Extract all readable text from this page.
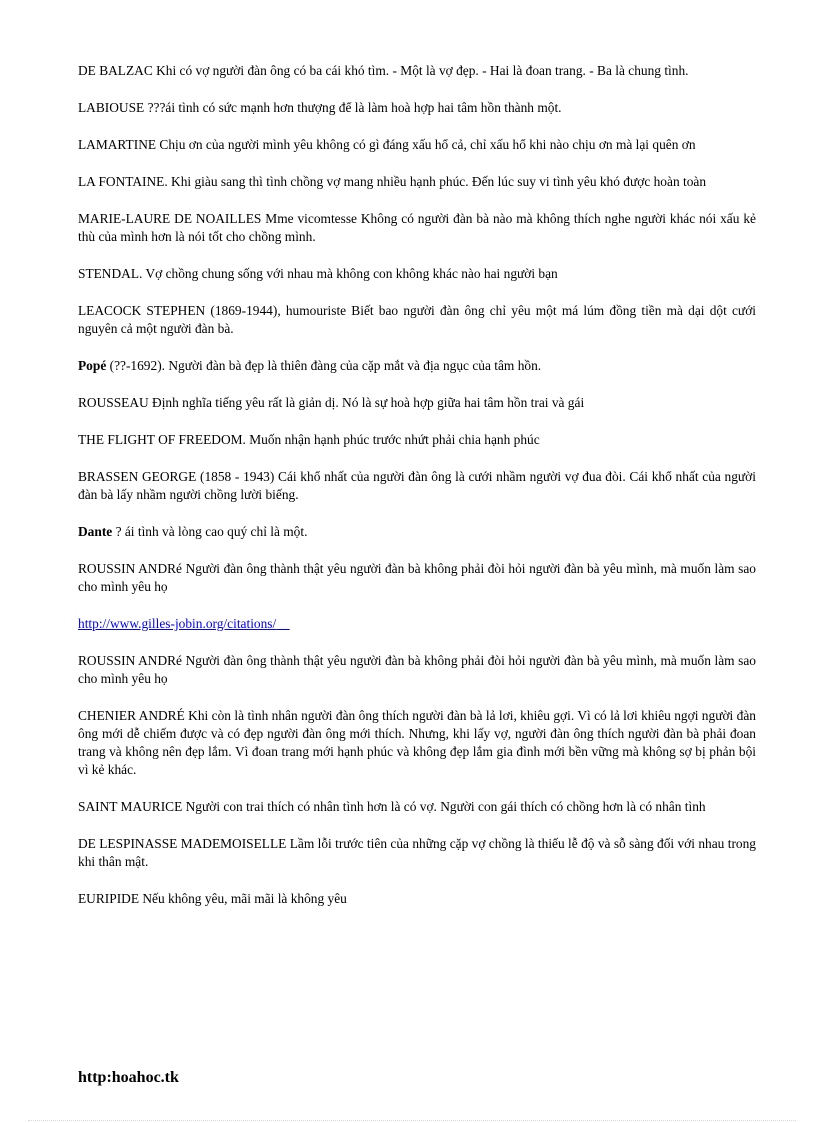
DE BALZAC Khi có vợ người đàn ông có ba cái khó tìm. - Một là vợ đẹp. - Hai là đoan trang. - Ba là chung tình.

LABIOUSE ???ái tình có sức mạnh hơn thượng để là làm hoà hợp hai tâm hồn thành một.

LAMARTINE Chịu ơn của người mình yêu không có gì đáng xấu hổ cả, chỉ xấu hổ khi nào chịu ơn mà lại quên ơn

LA FONTAINE. Khi giàu sang thì tình chồng vợ mang nhiều hạnh phúc. Đến lúc suy vi tình yêu khó được hoàn toàn

MARIE-LAURE DE NOAILLES Mme vicomtesse Không có người đàn bà nào mà không thích nghe người khác nói xấu kẻ thù của mình hơn là nói tốt cho chồng mình.

STENDAL. Vợ chồng chung sống với nhau mà không con không khác nào hai người bạn

LEACOCK STEPHEN (1869-1944), humouriste Biết bao người đàn ông chỉ yêu một má lúm đồng tiền mà dại dột cưới nguyên cả một người đàn bà.

Popé (??-1692). Người đàn bà đẹp là thiên đàng của cặp mắt và địa ngục của tâm hồn.

ROUSSEAU Định nghĩa tiếng yêu rất là giản dị. Nó là sự hoà hợp giữa hai tâm hồn trai và gái

THE FLIGHT OF FREEDOM. Muốn nhận hạnh phúc trước nhứt phải chia hạnh phúc

BRASSEN GEORGE (1858 - 1943) Cái khổ nhất của người đàn ông là cưới nhầm người vợ đua đòi. Cái khổ nhất của người đàn bà lấy nhầm người chồng lười biếng.

Dante ? ái tình và lòng cao quý chỉ là một.

ROUSSIN ANDRé Người đàn ông thành thật yêu người đàn bà không phải đòi hỏi người đàn bà yêu mình, mà muốn làm sao cho mình yêu họ

http://www.gilles-jobin.org/citations/

ROUSSIN ANDRé Người đàn ông thành thật yêu người đàn bà không phải đòi hỏi người đàn bà yêu mình, mà muốn làm sao cho mình yêu họ

CHENIER ANDRÉ Khi còn là tình nhân người đàn ông thích người đàn bà lả lơi, khiêu gợi. Vì có lả lơi khiêu ngợi người đàn ông mới dễ chiếm được và có đẹp người đàn ông mới thích. Nhưng, khi lấy vợ, người đàn ông thích người đàn bà phải đoan trang và không nên đẹp lắm. Vì đoan trang mới hạnh phúc và không đẹp lắm gia đình mới bền vững mà không sợ bị phản bội vì kẻ khác.

SAINT MAURICE Người con trai thích có nhân tình hơn là có vợ. Người con gái thích có chồng hơn là có nhân tình

DE LESPINASSE MADEMOISELLE Lầm lỗi trước tiên của những cặp vợ chồng là thiếu lễ độ và sỗ sàng đối với nhau trong khi thân mật.

EURIPIDE Nếu không yêu, mãi mãi là không yêu

http:hoahoc.tk
